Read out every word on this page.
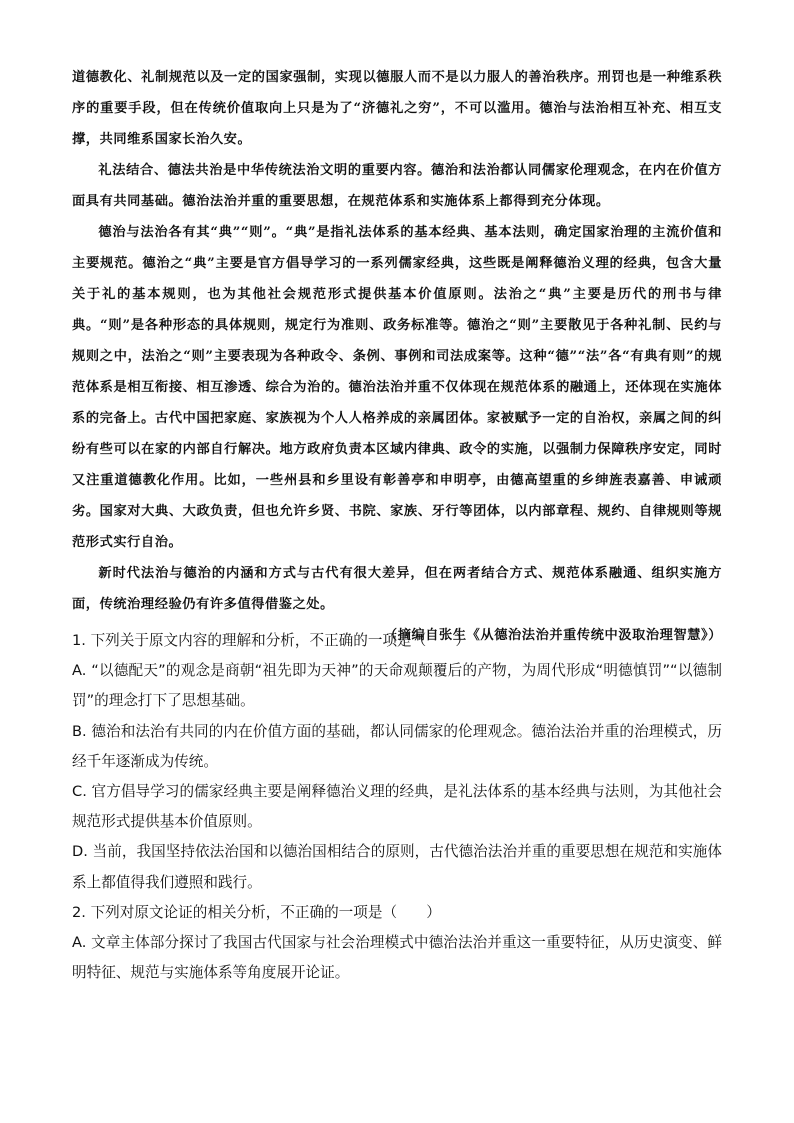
道德教化、礼制规范以及一定的国家强制，实现以德服人而不是以力服人的善治秩序。刑罚也是一种维系秩序的重要手段，但在传统价值取向上只是为了“济德礼之穷”，不可以滥用。德治与法治相互补充、相互支撑，共同维系国家长治久安。

礼法结合、德法共治是中华传统法治文明的重要内容。德治和法治都认同儒家伦理观念，在内在价值方面具有共同基础。德治法治并重的重要思想，在规范体系和实施体系上都得到充分体现。

德治与法治各有其“典”“则”。“典”是指礼法体系的基本经典、基本法则，确定国家治理的主流价值和主要规范。德治之“典”主要是官方倡导学习的一系列儒家经典，这些既是阐释德治义理的经典，包含大量关于礼的基本规则，也为其他社会规范形式提供基本价值原则。法治之“典”主要是历代的刑书与律典。“则”是各种形态的具体规则，规定行为准则、政务标准等。德治之“则”主要散见于各种礼制、民约与规则之中，法治之“则”主要表现为各种政令、条例、事例和司法成案等。这种“德”“法”各“有典有则”的规范体系是相互衔接、相互渗透、综合为治的。德治法治并重不仅体现在规范体系的融通上，还体现在实施体系的完备上。古代中国把家庭、家族视为个人人格养成的亲属团体。家被赋予一定的自治权，亲属之间的纠纷有些可以在家的内部自行解决。地方政府负责本区域内律典、政令的实施，以强制力保障秩序安定，同时又注重道德教化作用。比如，一些州县和乡里设有彰善亭和申明亭，由德高望重的乡绅旌表嘉善、申诫顽劣。国家对大典、大政负责，但也允许乡贤、书院、家族、牙行等团体，以内部章程、规约、自律规则等规范形式实行自治。

新时代法治与德治的内涵和方式与古代有很大差异，但在两者结合方式、规范体系融通、组织实施方面，传统治理经验仍有许多值得借鉴之处。

（摘编自张生《从德治法治并重传统中汲取治理智慧》）

1. 下列关于原文内容的理解和分析，不正确的一项是（　　）

A. “以德配天”的观念是商朝“祖先即为天神”的天命观颠覆后的产物，为周代形成“明德慎罚”“以德制罚”的理念打下了思想基础。

B. 德治和法治有共同的内在价值方面的基础，都认同儒家的伦理观念。德治法治并重的治理模式，历经千年逐渐成为传统。

C. 官方倡导学习的儒家经典主要是阐释德治义理的经典，是礼法体系的基本经典与法则，为其他社会规范形式提供基本价值原则。

D. 当前，我国坚持依法治国和以德治国相结合的原则，古代德治法治并重的重要思想在规范和实施体系上都值得我们遵照和践行。

2. 下列对原文论证的相关分析，不正确的一项是（　　）

A. 文章主体部分探讨了我国古代国家与社会治理模式中德治法治并重这一重要特征，从历史演变、鲜明特征、规范与实施体系等角度展开论证。
